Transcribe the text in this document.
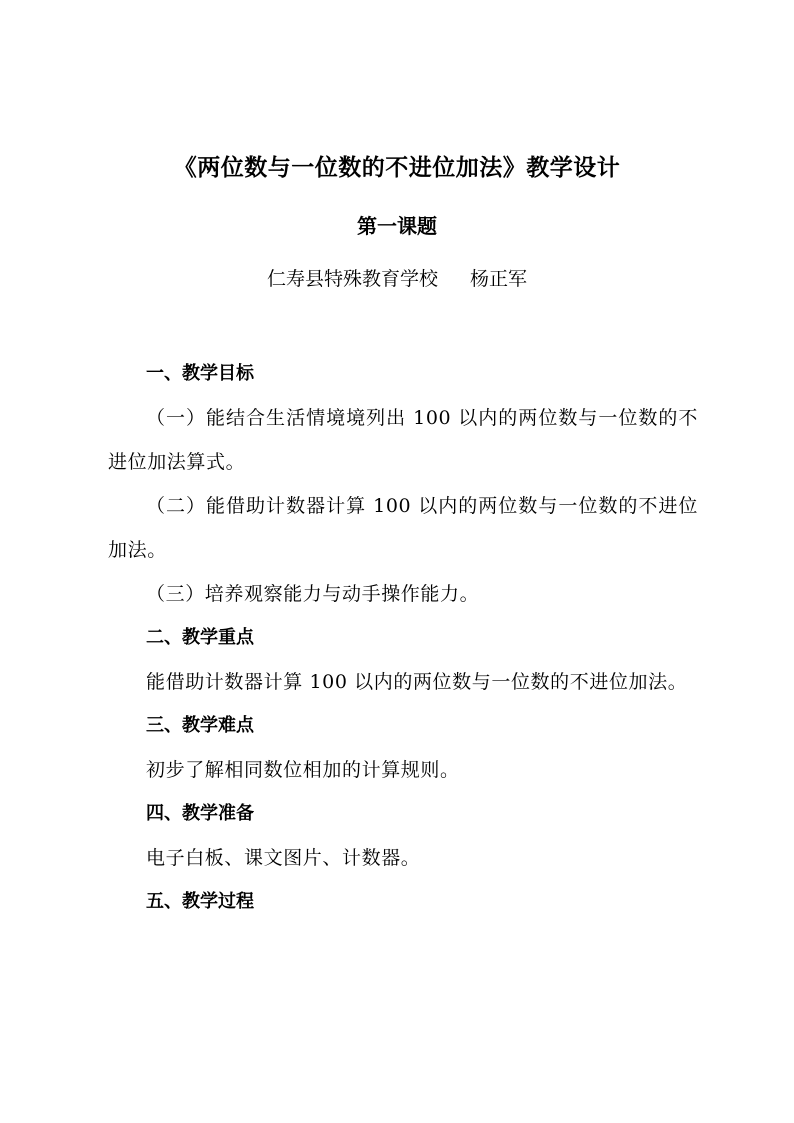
《两位数与一位数的不进位加法》教学设计
第一课题
仁寿县特殊教育学校 杨正军
一、教学目标

（一）能结合生活情境境列出 100 以内的两位数与一位数的不进位加法算式。

（二）能借助计数器计算 100 以内的两位数与一位数的不进位加法。

（三）培养观察能力与动手操作能力。

二、教学重点

能借助计数器计算 100 以内的两位数与一位数的不进位加法。

三、教学难点

初步了解相同数位相加的计算规则。

四、教学准备

电子白板、课文图片、计数器。

五、教学过程
